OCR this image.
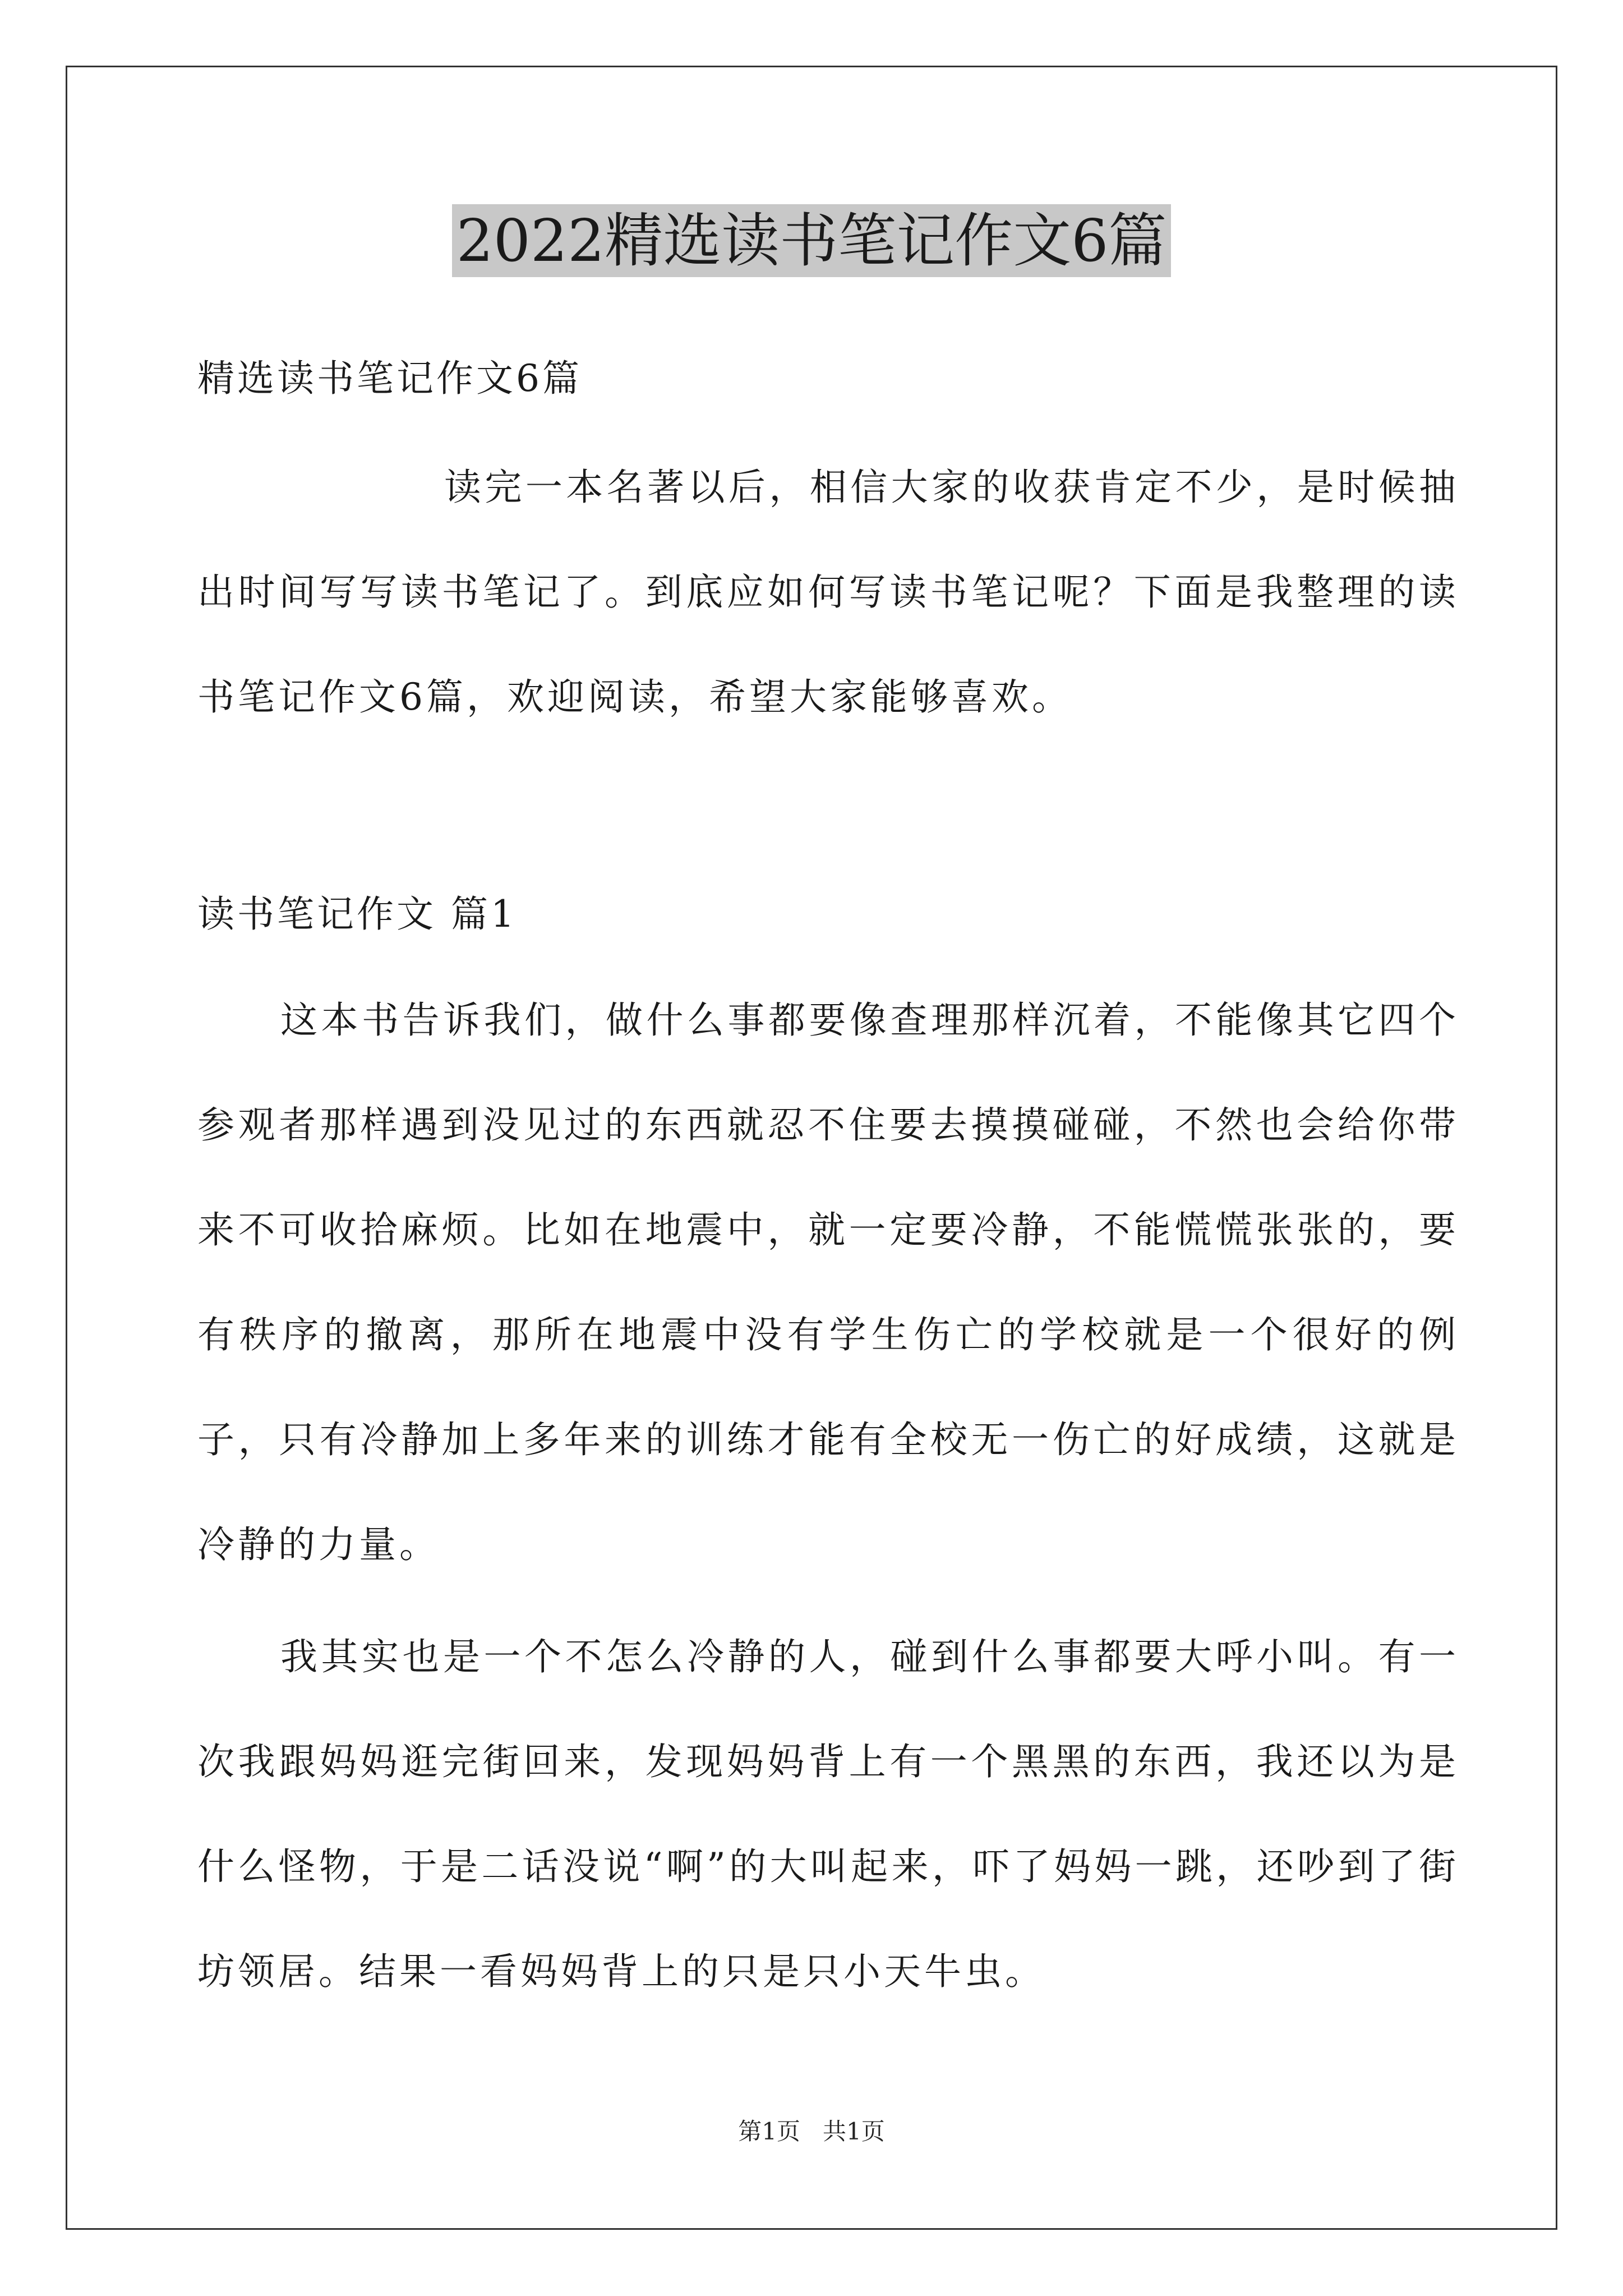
2022精选读书笔记作文6篇

精选读书笔记作文6篇

读完一本名著以后，相信大家的收获肯定不少，是时候抽出时间写写读书笔记了。到底应如何写读书笔记呢？下面是我整理的读书笔记作文6篇，欢迎阅读，希望大家能够喜欢。

读书笔记作文 篇1

这本书告诉我们，做什么事都要像查理那样沉着，不能像其它四个参观者那样遇到没见过的东西就忍不住要去摸摸碰碰，不然也会给你带来不可收拾麻烦。比如在地震中，就一定要冷静，不能慌慌张张的，要有秩序的撤离，那所在地震中没有学生伤亡的学校就是一个很好的例子，只有冷静加上多年来的训练才能有全校无一伤亡的好成绩，这就是冷静的力量。

我其实也是一个不怎么冷静的人，碰到什么事都要大呼小叫。有一次我跟妈妈逛完街回来，发现妈妈背上有一个黑黑的东西，我还以为是什么怪物，于是二话没说“啊”的大叫起来，吓了妈妈一跳，还吵到了街坊领居。结果一看妈妈背上的只是只小天牛虫。

第1页   共1页
